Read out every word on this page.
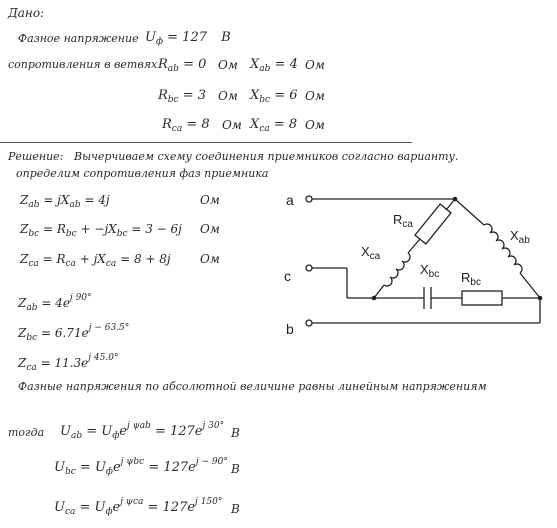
Дано:
Фазное напряжение $U_ф = 127$ В
сопротивления в ветвях $R_{ab} = 0$ Ом $X_{ab} = 4$ Ом
$R_{bc} = 3$ Ом $X_{bc} = 6$ Ом
$R_{ca} = 8$ Ом $X_{ca} = 8$ Ом
Решение: Вычерчиваем схему соединения приемников согласно варианту.
определим сопротивления фаз приемника
$Z_{ab} = jX_{ab} = 4j$	Ом
$Z_{bc} = R_{bc} + -jX_{bc} = 3 - 6j$ Ом
$Z_{ca} = R_{ca} + jX_{ca} = 8 + 8j$ Ом
$Z_{ab} = 4e^{j 90^\circ}$
$Z_{bc} = 6.71e^{j - 63.5^\circ}$
$Z_{ca} = 11.3e^{j 45.0^\circ}$
Фазные напряжения по абсолютной величине равны линейным напряжениям
тогда $U_{ab} = U_фe^{j \psi ab} = 127e^{j 30^\circ}$ В
$U_{bc} = U_фe^{j \psi bc} = 127e^{j - 90^\circ}$ В
$U_{ca} = U_фe^{j \psi ca} = 127e^{j 150^\circ}$ В
a
c
b
$R_{ca}$
$X_{ca}$
$X_{ab}$
$X_{bc}$ $R_{bc}$
